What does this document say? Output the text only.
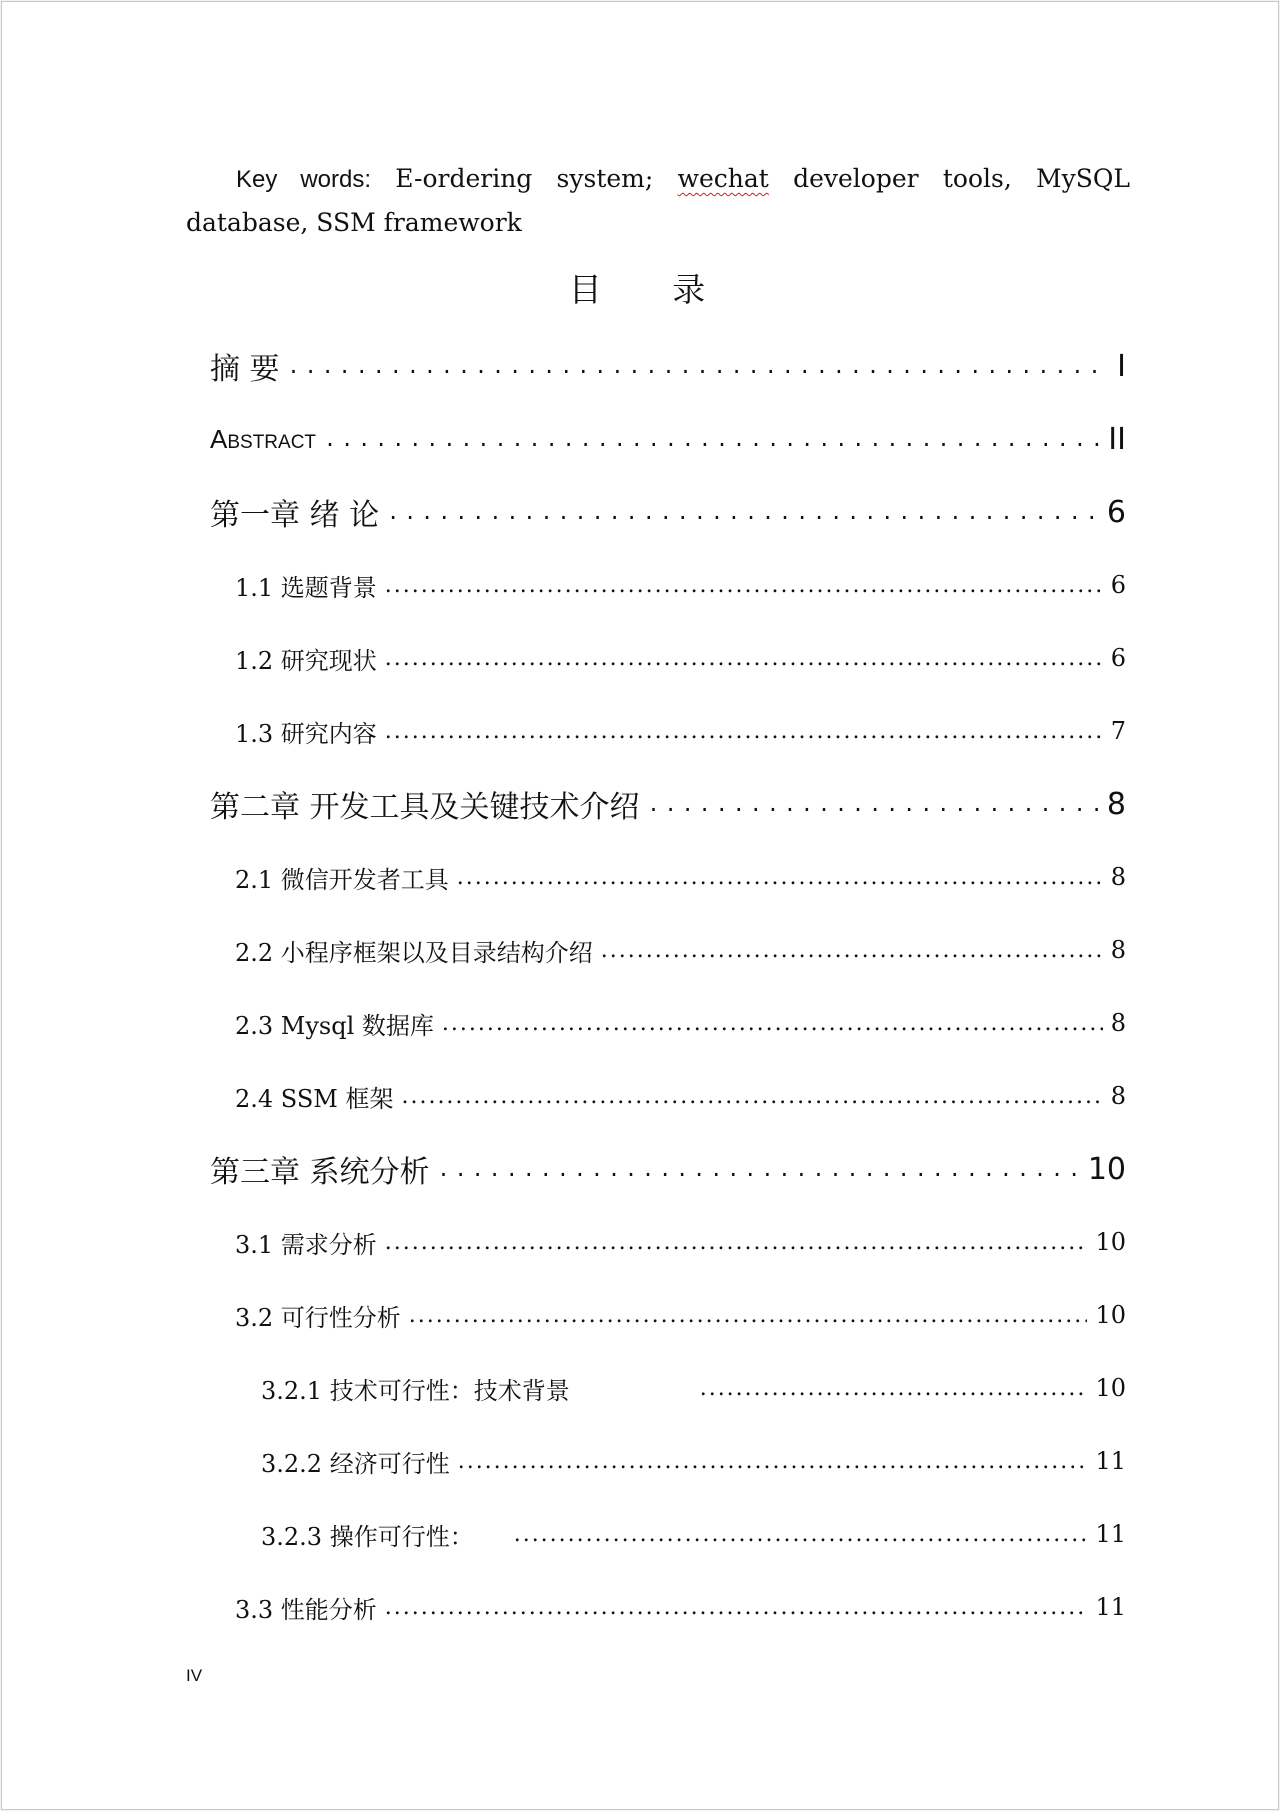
Key words: E-ordering system; wechat developer tools, MySQL database, SSM framework
目 录
摘 要 .....	I
ABSTRACT .....	II
第一章 绪 论 .....	6
1.1 选题背景 .....	6
1.2 研究现状 .....	6
1.3 研究内容 .....	7
第二章 开发工具及关键技术介绍 .....	8
2.1 微信开发者工具 .....	8
2.2 小程序框架以及目录结构介绍 .....	8
2.3 Mysql 数据库 .....	8
2.4 SSM 框架 .....	8
第三章 系统分析 .....	10
3.1 需求分析 .....	10
3.2 可行性分析 .....	10
3.2.1 技术可行性：技术背景 .....	10
3.2.2 经济可行性 .....	11
3.2.3 操作可行性： .....	11
3.3 性能分析 .....	11
IV
